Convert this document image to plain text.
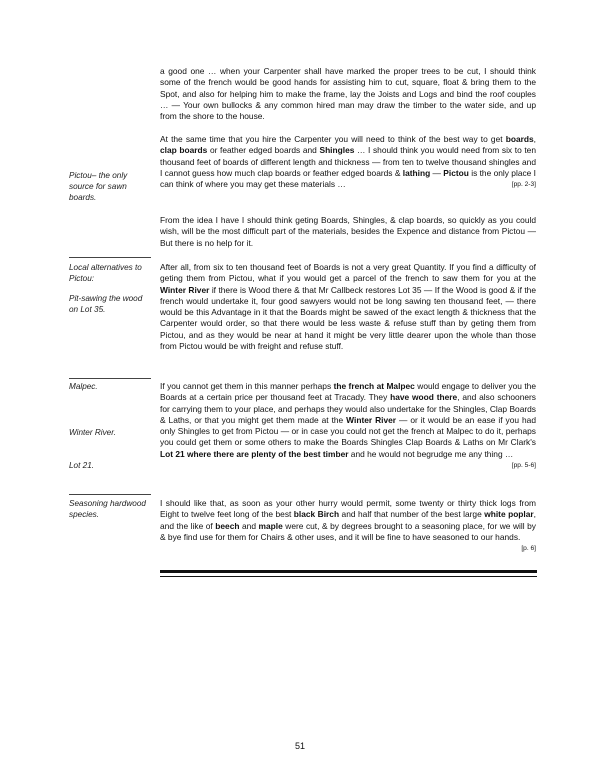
Pictou– the only source for sawn boards.
Local alternatives to Pictou:
Pit-sawing the wood on Lot 35.
Malpec.
Winter River.
Lot 21.
Seasoning hardwood species.
a good one … when your Carpenter shall have marked the proper trees to be cut, I should think some of the french would be good hands for assisting him to cut, square, float & bring them to the Spot, and also for helping him to make the frame, lay the Joists and Logs and bind the roof couples … — Your own bullocks & any common hired man may draw the timber to the water side, and up from the shore to the house.
At the same time that you hire the Carpenter you will need to think of the best way to get boards, clap boards or feather edged boards and Shingles … I should think you would need from six to ten thousand feet of boards of different length and thickness — from ten to twelve thousand shingles and I cannot guess how much clap boards or feather edged boards & lathing — Pictou is the only place I can think of where you may get these materials …	[pp. 2-3]
From the idea I have I should think geting Boards, Shingles, & clap boards, so quickly as you could wish, will be the most difficult part of the materials, besides the Expence and distance from Pictou — But there is no help for it.
After all, from six to ten thousand feet of Boards is not a very great Quantity. If you find a difficulty of geting them from Pictou, what if you would get a parcel of the french to saw them for you at the Winter River if there is Wood there & that Mr Callbeck restores Lot 35 — If the Wood is good & if the french would undertake it, four good sawyers would not be long sawing ten thousand feet, — there would be this Advantage in it that the Boards might be sawed of the exact length & thickness that the Carpenter would order, so that there would be less waste & refuse stuff than by geting them from Pictou, and as they would be near at hand it might be very little dearer upon the whole than those from Pictou would be with freight and refuse stuff.
If you cannot get them in this manner perhaps the french at Malpec would engage to deliver you the Boards at a certain price per thousand feet at Tracady. They have wood there, and also schooners for carrying them to your place, and perhaps they would also undertake for the Shingles, Clap Boards & Laths, or that you might get them made at the Winter River — or it would be an ease if you had only Shingles to get from Pictou — or in case you could not get the french at Malpec to do it, perhaps you could get them or some others to make the Boards Shingles Clap Boards & Laths on Mr Clark's Lot 21 where there are plenty of the best timber and he would not begrudge me any thing …
[pp. 5-6]
I should like that, as soon as your other hurry would permit, some twenty or thirty thick logs from Eight to twelve feet long of the best black Birch and half that number of the best large white poplar, and the like of beech and maple were cut, & by degrees brought to a seasoning place, for we will by & bye find use for them for Chairs & other uses, and it will be fine to have seasoned to our hands.
[p. 6]
51
